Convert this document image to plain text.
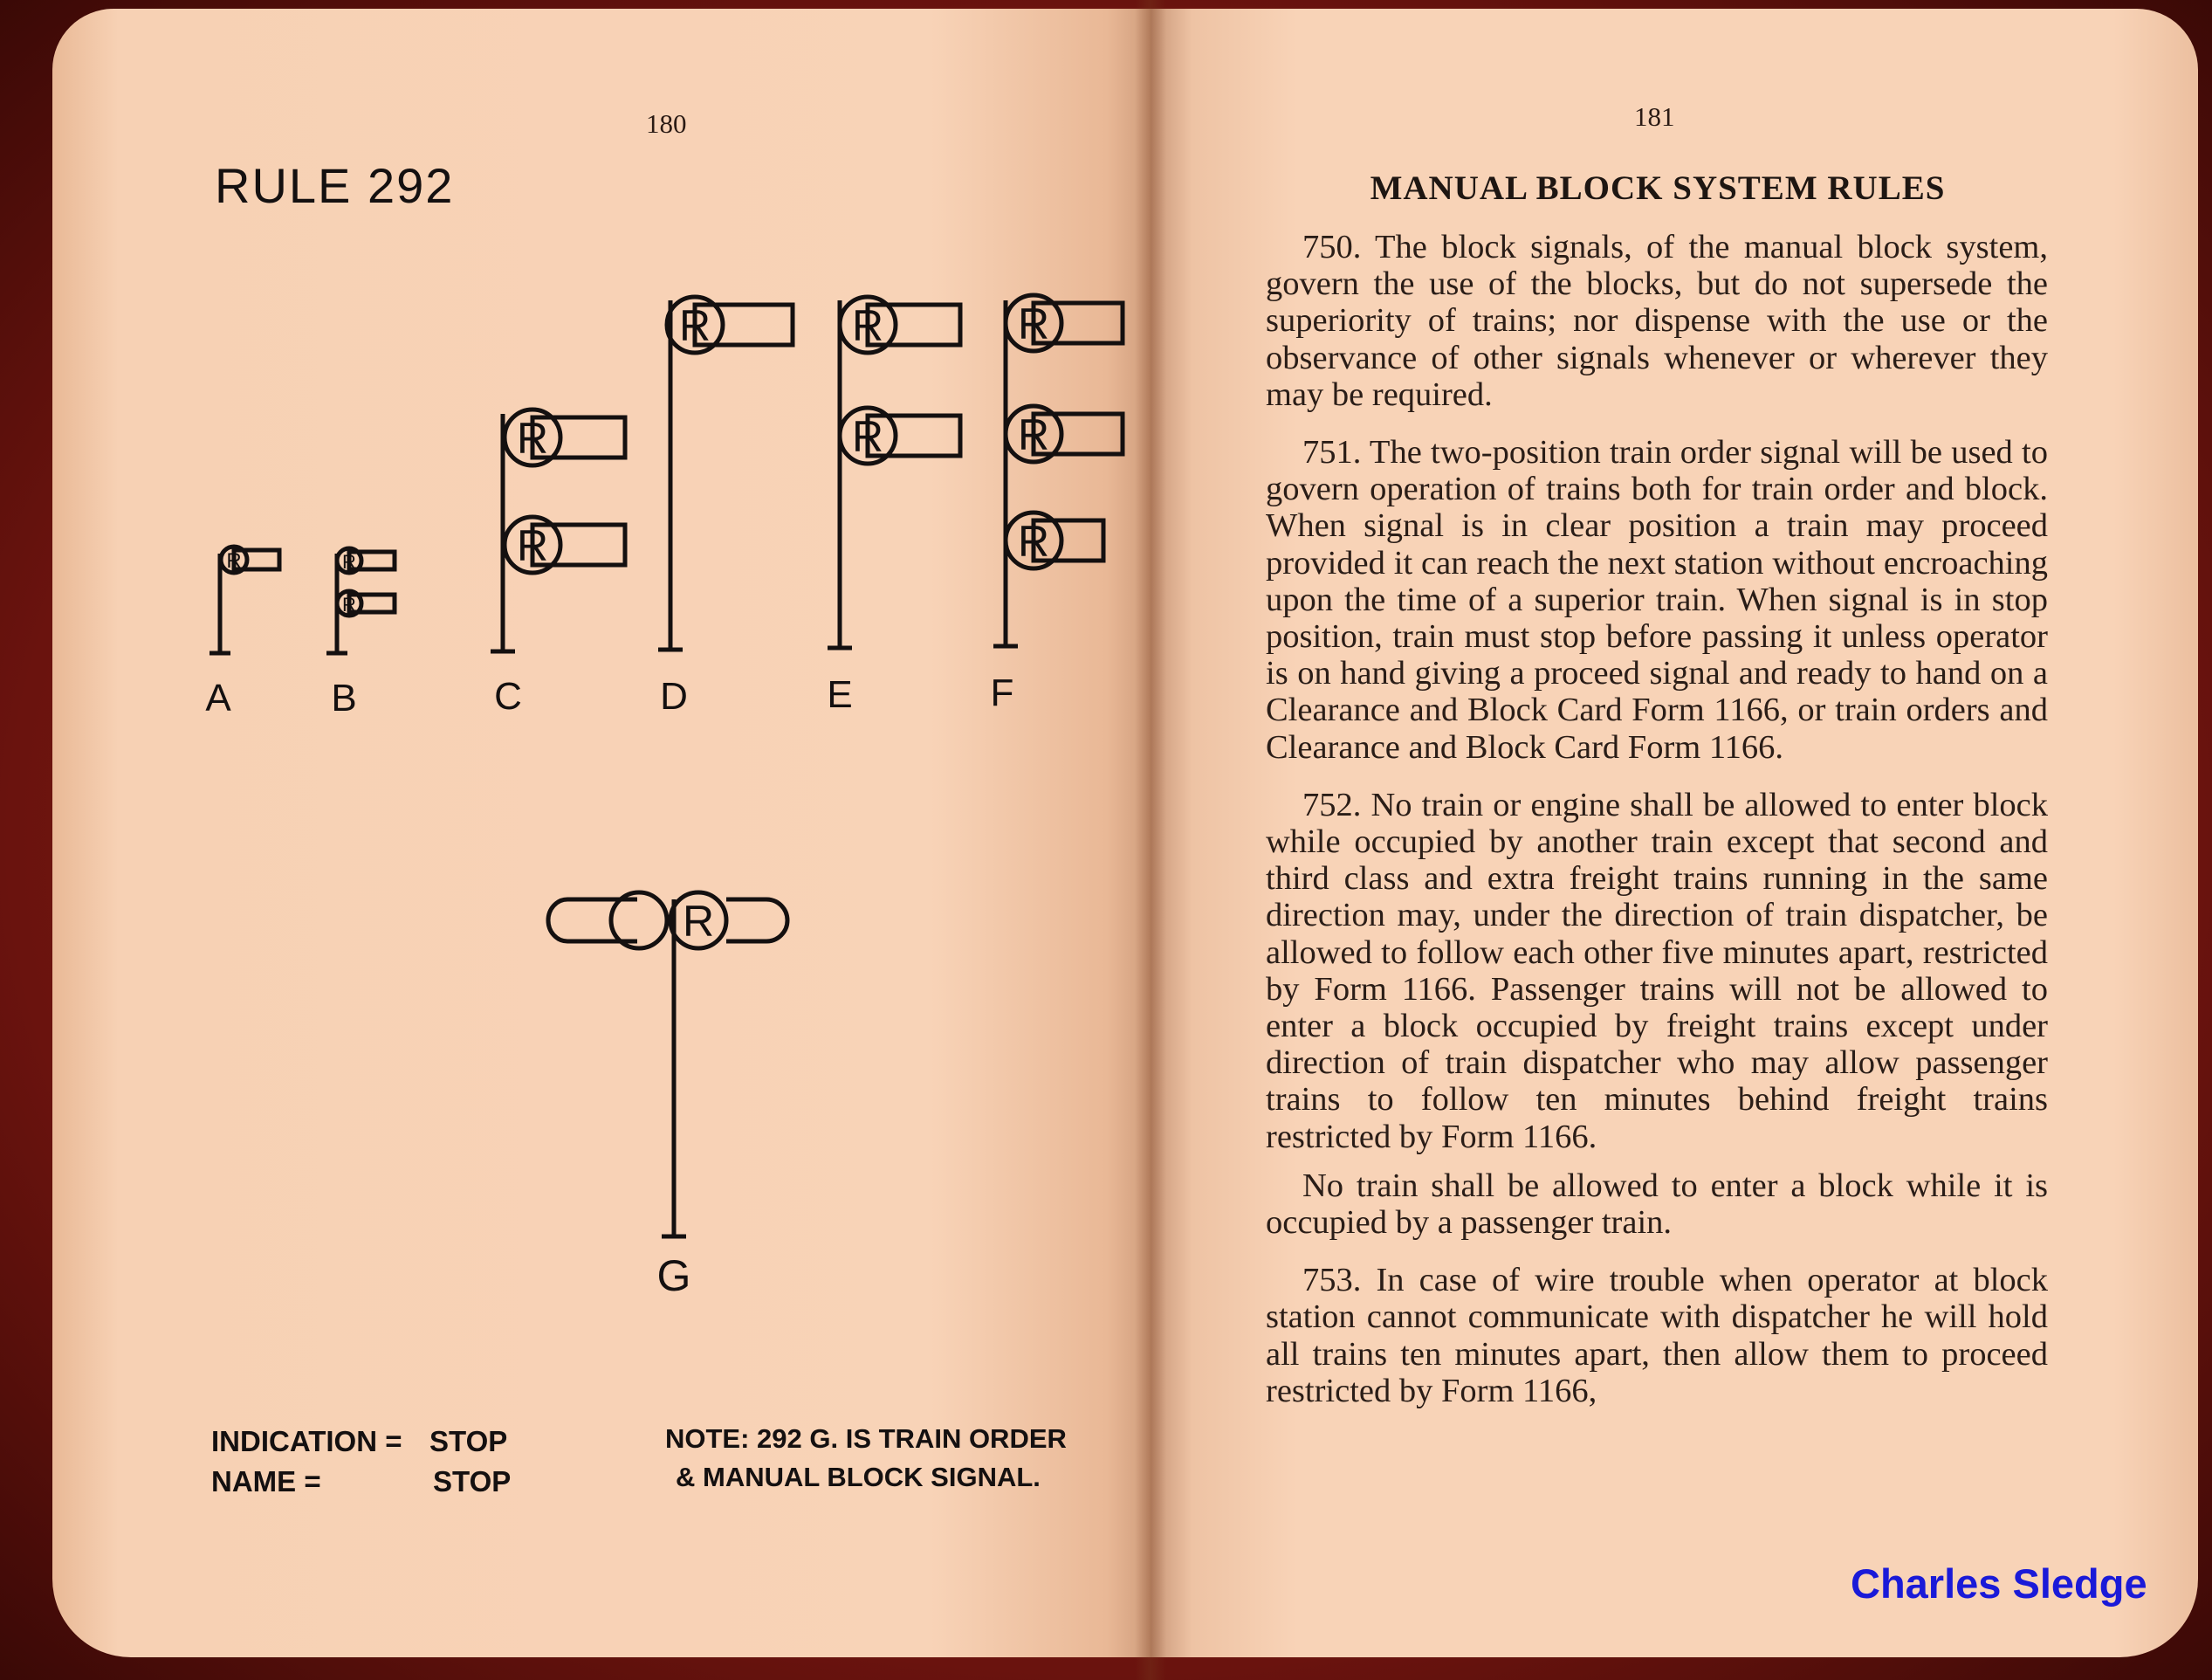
180

RULE 292
R
A
R
R
B
R
R
C
R
D
R
R
E
R
R
R
F
R
G

INDICATION = STOP

NAME =	STOP

NOTE: 292 G. IS TRAIN ORDER

& MANUAL BLOCK SIGNAL.

181

MANUAL BLOCK SYSTEM RULES

750. The block signals, of the manual block system, govern the use of the blocks, but do not supersede the superiority of trains; nor dispense with the use or the observance of other signals whenever or wherever they may be required.

751. The two-position train order signal will be used to govern operation of trains both for train order and block. When signal is in clear position a train may proceed provided it can reach the next station without encroaching upon the time of a superior train. When signal is in stop position, train must stop before passing it unless operator is on hand giving a proceed signal and ready to hand on a Clearance and Block Card Form 1166, or train orders and Clearance and Block Card Form 1166.

752. No train or engine shall be allowed to enter block while occupied by another train except that second and third class and extra freight trains running in the same direction may, under the direction of train dispatcher, be allowed to follow each other five minutes apart, restricted by Form 1166. Passenger trains will not be allowed to enter a block occupied by freight trains except under direction of train dispatcher who may allow passenger trains to follow ten minutes behind freight trains restricted by Form 1166.

No train shall be allowed to enter a block while it is occupied by a passenger train.

753. In case of wire trouble when operator at block station cannot communicate with dispatcher he will hold all trains ten minutes apart, then allow them to proceed restricted by Form 1166,

Charles Sledge
